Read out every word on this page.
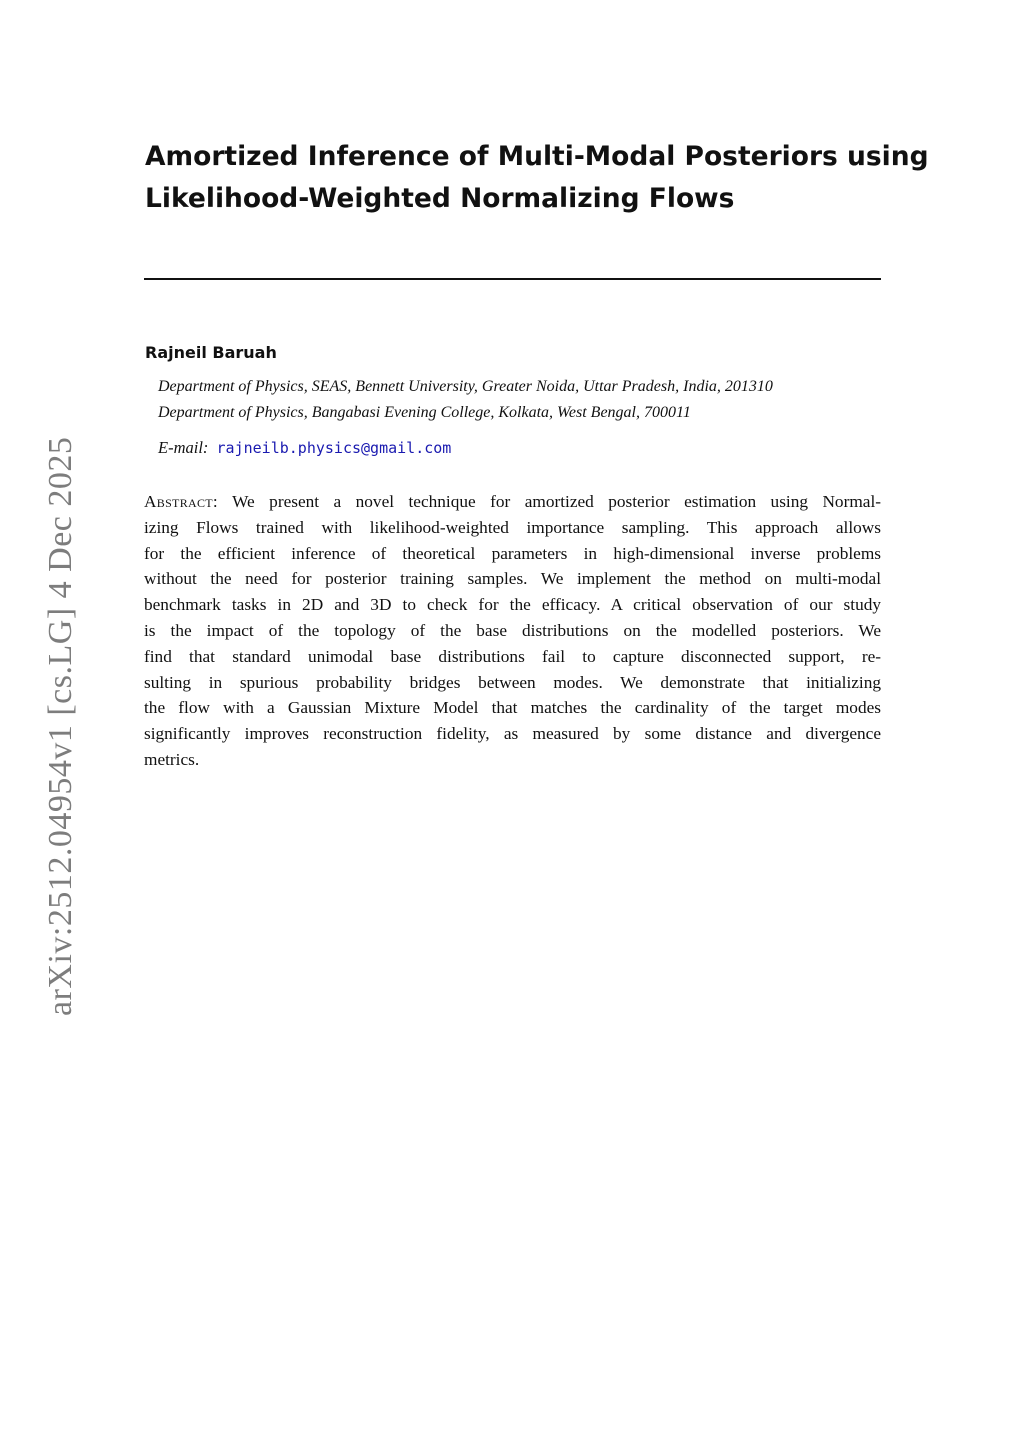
arXiv:2512.04954v1 [cs.LG] 4 Dec 2025
Amortized Inference of Multi-Modal Posteriors using
Likelihood-Weighted Normalizing Flows
Rajneil Baruah
Department of Physics, SEAS, Bennett University, Greater Noida, Uttar Pradesh, India, 201310
Department of Physics, Bangabasi Evening College, Kolkata, West Bengal, 700011
E-mail: rajneilb.physics@gmail.com
Abstract: We present a novel technique for amortized posterior estimation using Normal-
izing Flows trained with likelihood-weighted importance sampling. This approach allows
for the efficient inference of theoretical parameters in high-dimensional inverse problems
without the need for posterior training samples. We implement the method on multi-modal
benchmark tasks in 2D and 3D to check for the efficacy. A critical observation of our study
is the impact of the topology of the base distributions on the modelled posteriors. We
find that standard unimodal base distributions fail to capture disconnected support, re-
sulting in spurious probability bridges between modes. We demonstrate that initializing
the flow with a Gaussian Mixture Model that matches the cardinality of the target modes
significantly improves reconstruction fidelity, as measured by some distance and divergence
metrics.
